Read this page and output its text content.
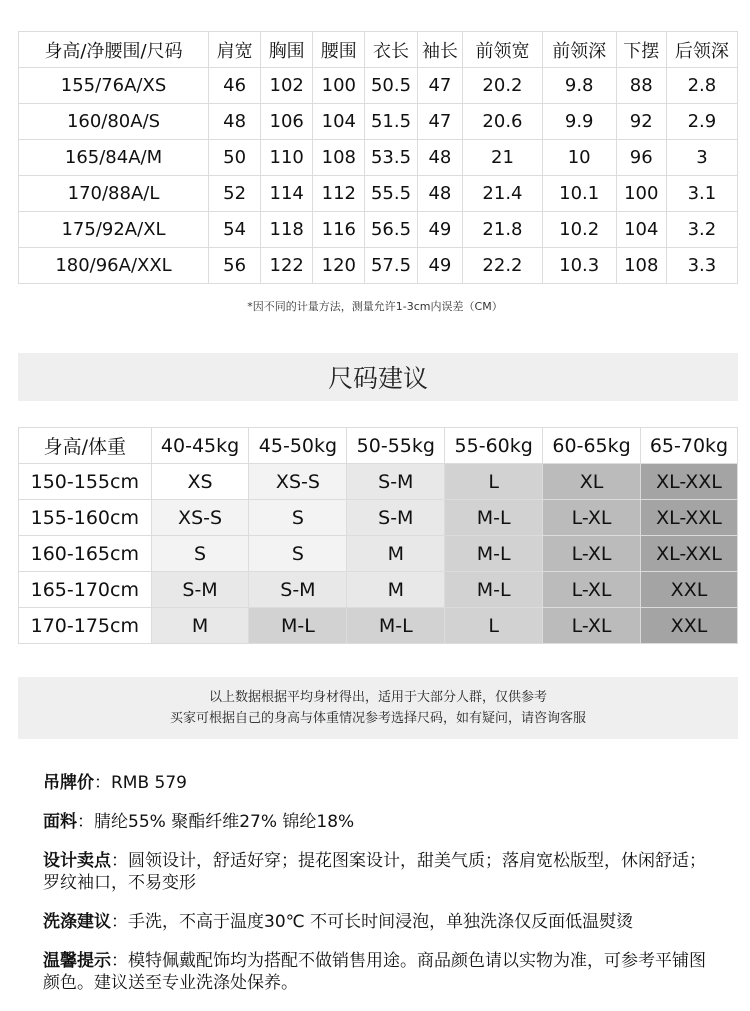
身高/净腰围/尺码	肩宽	胸围	腰围	衣长	袖长	前领宽	前领深	下摆	后领深
155/76A/XS	46	102	100	50.5	47	20.2	9.8	88	2.8
160/80A/S	48	106	104	51.5	47	20.6	9.9	92	2.9
165/84A/M	50	110	108	53.5	48	21	10	96	3
170/88A/L	52	114	112	55.5	48	21.4	10.1	100	3.1
175/92A/XL	54	118	116	56.5	49	21.8	10.2	104	3.2
180/96A/XXL	56	122	120	57.5	49	22.2	10.3	108	3.3
*因不同的计量方法，测量允许1-3cm内误差（CM）
尺码建议
身高/体重	40-45kg	45-50kg	50-55kg	55-60kg	60-65kg	65-70kg
150-155cm	XS	XS-S	S-M	L	XL	XL-XXL
155-160cm	XS-S	S	S-M	M-L	L-XL	XL-XXL
160-165cm	S	S	M	M-L	L-XL	XL-XXL
165-170cm	S-M	S-M	M	M-L	L-XL	XXL
170-175cm	M	M-L	M-L	L	L-XL	XXL
以上数据根据平均身材得出，适用于大部分人群，仅供参考
买家可根据自己的身高与体重情况参考选择尺码，如有疑问，请咨询客服
吊牌价：RMB 579
面料：腈纶55% 聚酯纤维27% 锦纶18%
设计卖点：圆领设计，舒适好穿；提花图案设计，甜美气质；落肩宽松版型，休闲舒适；罗纹袖口，不易变形
洗涤建议：手洗，不高于温度30℃ 不可长时间浸泡，单独洗涤仅反面低温熨烫
温馨提示：模特佩戴配饰均为搭配不做销售用途。商品颜色请以实物为准，可参考平铺图颜色。建议送至专业洗涤处保养。
